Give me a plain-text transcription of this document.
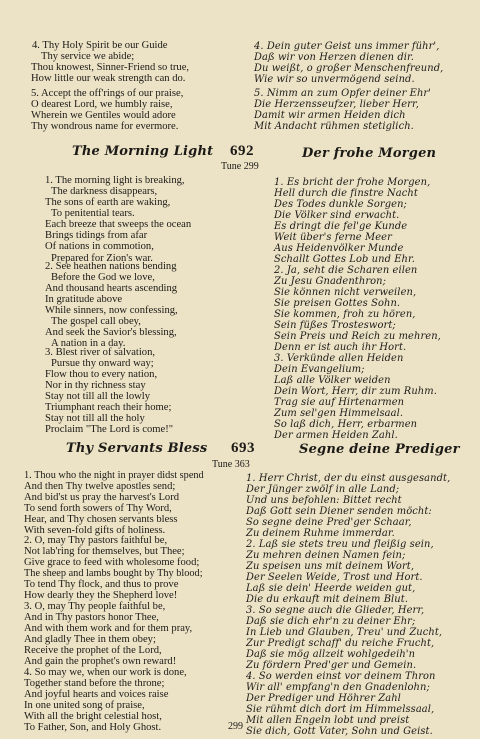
4. Thy Holy Spirit be our Guide
Thy service we abide;
Thou knowest, Sinner-Friend so true,
How little our weak strength can do.
5. Accept the off'rings of our praise,
O dearest Lord, we humbly raise,
Wherein we Gentiles would adore
Thy wondrous name for evermore.
4. Dein guter Geist uns immer führ',
Daß wir von Herzen dienen dir.
Du weißt, o großer Menschenfreund,
Wie wir so unvermögend seind.
5. Nimm an zum Opfer deiner Ehr'
Die Herzensseufzer, lieber Herr,
Damit wir armen Heiden dich
Mit Andacht rühmen stetiglich.
The Morning Light 692	Der frohe Morgen
Tune 299
1. The morning light is breaking,
The darkness disappears,
The sons of earth are waking,
To penitential tears.
Each breeze that sweeps the ocean
Brings tidings from afar
Of nations in commotion,
Prepared for Zion's war.
2. See heathen nations bending
Before the God we love,
And thousand hearts ascending
In gratitude above
While sinners, now confessing,
The gospel call obey,
And seek the Savior's blessing,
A nation in a day.
3. Blest river of salvation,
Pursue thy onward way;
Flow thou to every nation,
Nor in thy richness stay
Stay not till all the lowly
Triumphant reach their home;
Stay not till all the holy
Proclaim "The Lord is come!"
1. Es bricht der frohe Morgen,
Hell durch die finstre Nacht
Des Todes dunkle Sorgen;
Die Völker sind erwacht.
Es dringt die fel'ge Kunde
Weit über's ferne Meer
Aus Heidenvölker Munde
Schallt Gottes Lob und Ehr.
2. Ja, seht die Scharen eilen
Zu Jesu Gnadenthron;
Sie können nicht verweilen,
Sie preisen Gottes Sohn.
Sie kommen, froh zu hören,
Sein füßes Trosteswort;
Sein Preis und Reich zu mehren,
Denn er ist auch ihr Hort.
3. Verkünde allen Heiden
Dein Evangelium;
Laß alle Völker weiden
Dein Wort, Herr, dir zum Ruhm.
Trag sie auf Hirtenarmen
Zum sel'gen Himmelsaal.
So laß dich, Herr, erbarmen
Der armen Heiden Zahl.
Thy Servants Bless 693	Segne deine Prediger
Tune 363
1. Thou who the night in prayer didst spend
And then Thy twelve apostles send;
And bid'st us pray the harvest's Lord
To send forth sowers of Thy Word,
Hear, and Thy chosen servants bless
With seven-fold gifts of holiness.
2. O, may Thy pastors faithful be,
Not lab'ring for themselves, but Thee;
Give grace to feed with wholesome food;
The sheep and lambs bought by Thy blood;
To tend Thy flock, and thus to prove
How dearly they the Shepherd love!
3. O, may Thy people faithful be,
And in Thy pastors honor Thee,
And with them work and for them pray,
And gladly Thee in them obey;
Receive the prophet of the Lord,
And gain the prophet's own reward!
4. So may we, when our work is done,
Together stand before the throne;
And joyful hearts and voices raise
In one united song of praise,
With all the bright celestial host,
To Father, Son, and Holy Ghost.
1. Herr Christ, der du einst ausgesandt,
Der Jünger zwölf in alle Land;
Und uns befohlen: Bittet recht
Daß Gott sein Diener senden möcht:
So segne deine Pred'ger Schaar,
Zu deinem Ruhme immerdar.
2. Laß sie stets treu und fleißig sein,
Zu mehren deinen Namen fein;
Zu speisen uns mit deinem Wort,
Der Seelen Weide, Trost und Hort.
Laß sie dein' Heerde weiden gut,
Die du erkauft mit deinem Blut.
3. So segne auch die Glieder, Herr,
Daß sie dich ehr'n zu deiner Ehr;
In Lieb und Glauben, Treu' und Zucht,
Zur Predigt schaff' du reiche Frucht,
Daß sie mög allzeit wohlgedeih'n
Zu fördern Pred'ger und Gemein.
4. So werden einst vor deinem Thron
Wir all' empfang'n den Gnadenlohn;
Der Prediger und Höhrer Zahl
Sie rühmt dich dort im Himmelssaal,
Mit allen Engeln lobt und preist
Sie dich, Gott Vater, Sohn und Geist.
299
